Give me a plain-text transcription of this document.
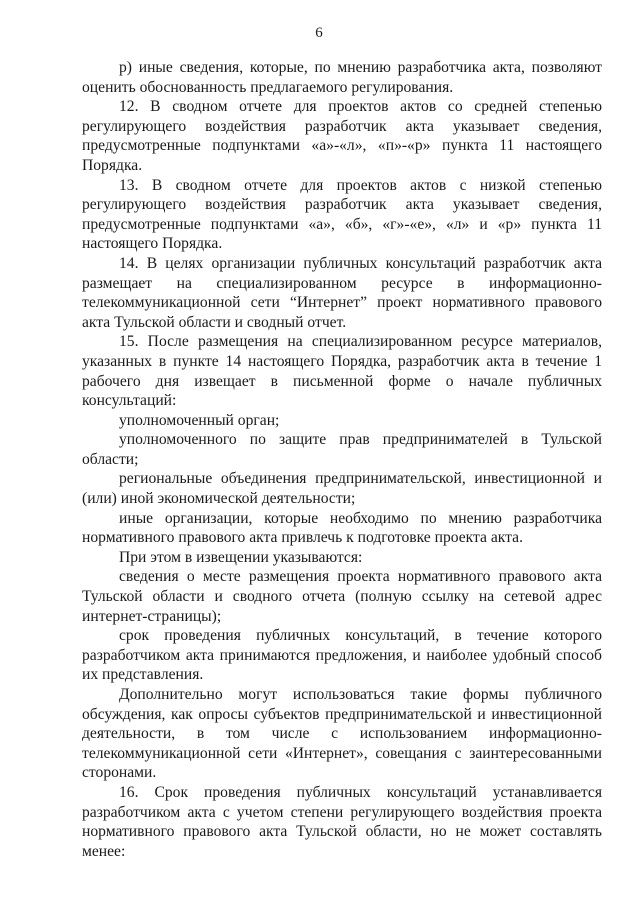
6

р) иные сведения, которые, по мнению разработчика акта, позволяют оценить обоснованность предлагаемого регулирования.

12. В сводном отчете для проектов актов со средней степенью регулирующего воздействия разработчик акта указывает сведения, предусмотренные подпунктами «а»-«л», «п»-«р» пункта 11 настоящего Порядка.

13. В сводном отчете для проектов актов с низкой степенью регулирующего воздействия разработчик акта указывает сведения, предусмотренные подпунктами «а», «б», «г»-«е», «л» и «р» пункта 11 настоящего Порядка.

14. В целях организации публичных консультаций разработчик акта размещает на специализированном ресурсе в информационно-телекоммуникационной сети “Интернет” проект нормативного правового акта Тульской области и сводный отчет.

15. После размещения на специализированном ресурсе материалов, указанных в пункте 14 настоящего Порядка, разработчик акта в течение 1 рабочего дня извещает в письменной форме о начале публичных консультаций:

уполномоченный орган;

уполномоченного по защите прав предпринимателей в Тульской области;

региональные объединения предпринимательской, инвестиционной и (или) иной экономической деятельности;

иные организации, которые необходимо по мнению разработчика нормативного правового акта привлечь к подготовке проекта акта.

При этом в извещении указываются:

сведения о месте размещения проекта нормативного правового акта Тульской области и сводного отчета (полную ссылку на сетевой адрес интернет-страницы);

срок проведения публичных консультаций, в течение которого разработчиком акта принимаются предложения, и наиболее удобный способ их представления.

Дополнительно могут использоваться такие формы публичного обсуждения, как опросы субъектов предпринимательской и инвестиционной деятельности, в том числе с использованием информационно-телекоммуникационной сети «Интернет», совещания с заинтересованными сторонами.

16. Срок проведения публичных консультаций устанавливается разработчиком акта с учетом степени регулирующего воздействия проекта нормативного правового акта Тульской области, но не может составлять менее:
